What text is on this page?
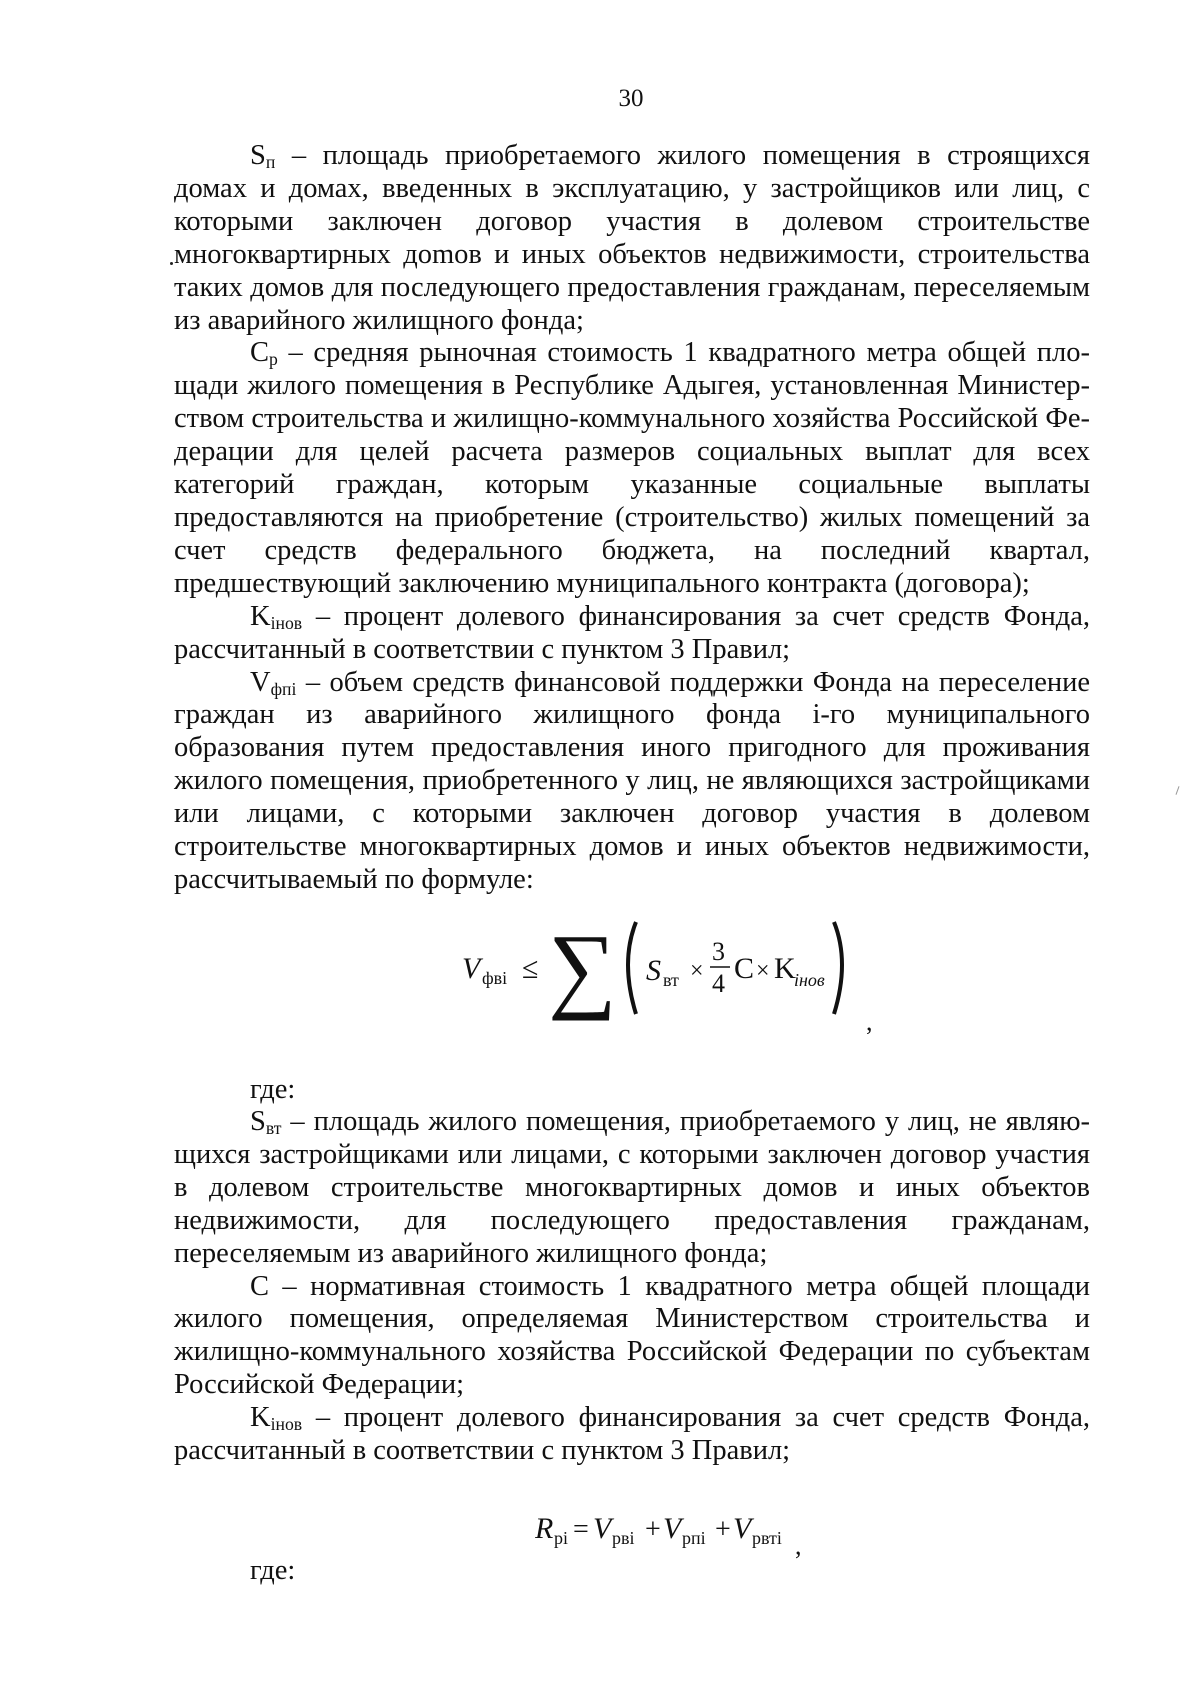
30

$S_п$ – площадь приобретаемого жилого помещения в строящихся домах и домах, введенных в эксплуатацию, у застройщиков или лиц, с которыми заключен договор участия в долевом строительстве многоквартирных доmов и иных объектов недвижимости, строительства таких домов для последующего предоставления гражданам, переселяемым из аварийного жилищного фонда;

$C_р$ – средняя рыночная стоимость 1 квадратного метра общей площади жилого помещения в Республике Адыгея, установленная Министерством строительства и жилищно-коммунального хозяйства Российской Федерации для целей расчета размеров социальных выплат для всех категорий граждан, которым указанные социальные выплаты предоставляются на приобретение (строительство) жилых помещений за счет средств федерального бюджета, на последний квартал, предшествующий заключению муниципального контракта (договора);

$K_{iнов}$ – процент долевого финансирования за счет средств Фонда, рассчитанный в соответствии с пунктом 3 Правил;

$V_{фпi}$ – объем средств финансовой поддержки Фонда на переселение граждан из аварийного жилищного фонда i-го муниципального образования путем предоставления иного пригодного для проживания жилого помещения, приобретенного у лиц, не являющихся застройщиками или лицами, с которыми заключен договор участия в долевом строительстве многоквартирных домов и иных объектов недвижимости, рассчитываемый по формуле:

V фвi ≤ ∑ S вт ×
3
4 C × K
iнов
,
где:

$S_{вт}$ – площадь жилого помещения, приобретаемого у лиц, не являющихся застройщиками или лицами, с которыми заключен договор участия в долевом строительстве многоквартирных домов и иных объектов недвижимости, для последующего предоставления гражданам, переселяемым из аварийного жилищного фонда;

С – нормативная стоимость 1 квадратного метра общей площади жилого помещения, определяемая Министерством строительства и жилищно-коммунального хозяйства Российской Федерации по субъектам Российской Федерации;

$K_{iнов}$ – процент долевого финансирования за счет средств Фонда, рассчитанный в соответствии с пунктом 3 Правил;

R pi = V рвi + V рпi + V рвтi ,
где:
